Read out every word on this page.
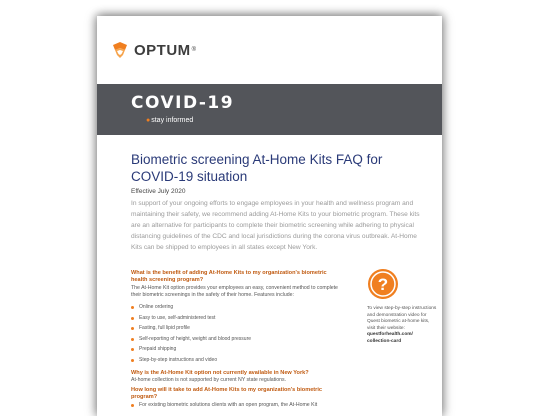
OPTUM ®
COVID-19
●stay informed
Biometric screening At-Home Kits FAQ for COVID-19 situation
Effective July 2020
In support of your ongoing efforts to engage employees in your health and wellness program and maintaining their safety, we recommend adding At-Home Kits to your biometric program. These kits are an alternative for participants to complete their biometric screening while adhering to physical distancing guidelines of the CDC and local jurisdictions during the corona virus outbreak. At-Home Kits can be shipped to employees in all states except New York.
What is the benefit of adding At-Home Kits to my organization's biometric health screening program?
The At-Home Kit option provides your employees an easy, convenient method to complete their biometric screenings in the safety of their home. Features include:
Online ordering
Easy to use, self-administered test
Fasting, full lipid profile
Self-reporting of height, weight and blood pressure
Prepaid shipping
Step-by-step instructions and video
Why is the At-Home Kit option not currently available in New York?
At-home collection is not supported by current NY state regulations.
How long will it take to add At-Home Kits to my organization's biometric program?
For existing biometric solutions clients with an open program, the At-Home Kit
?
To view step-by-step instructions and demonstration video for Quest biometric at-home kits, visit their website:
questforhealth.com/ collection-card
